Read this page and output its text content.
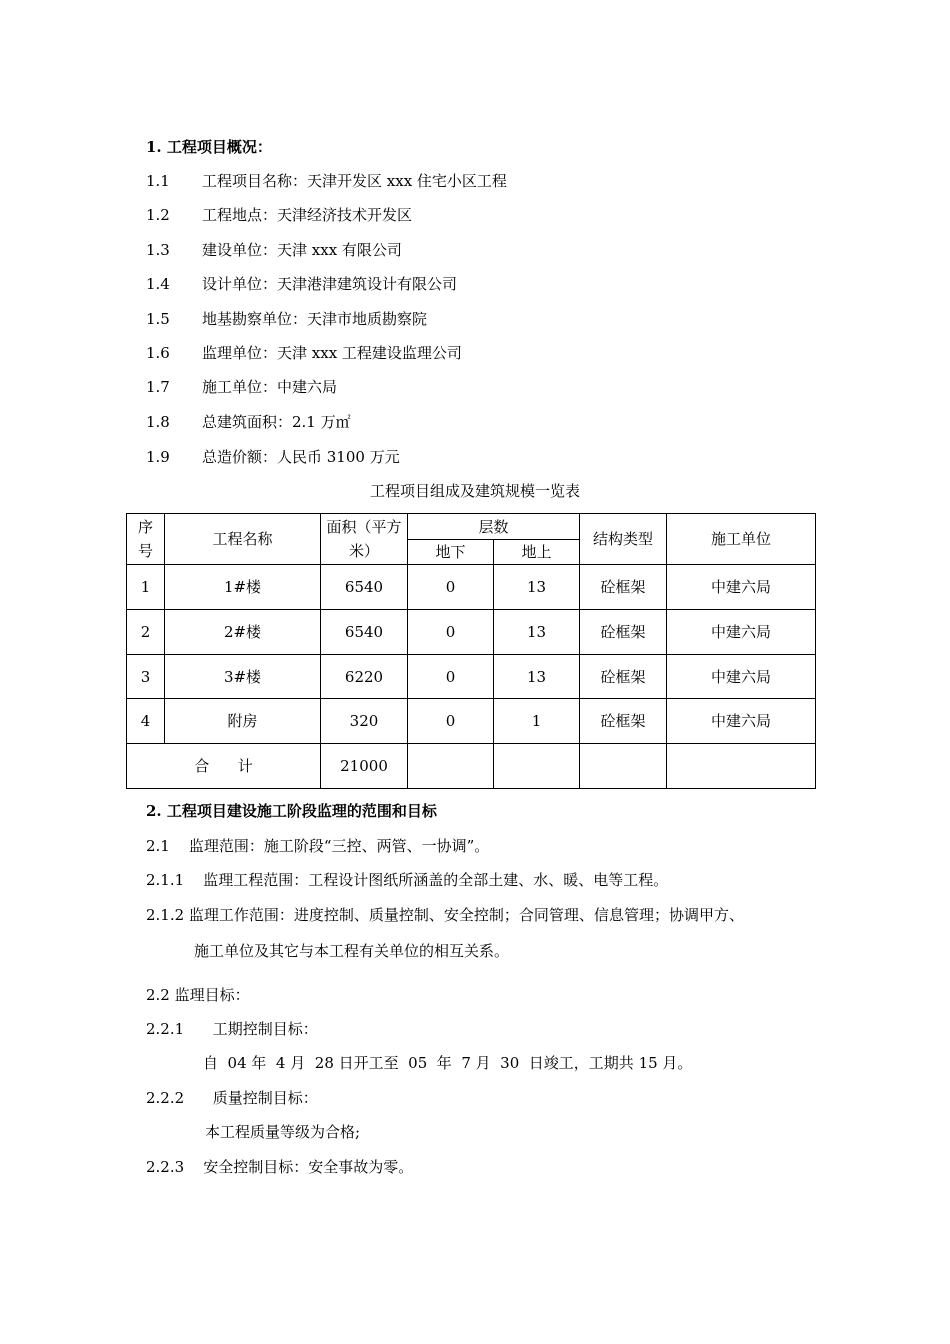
1. 工程项目概况：
1.1 工程项目名称：天津开发区 xxx 住宅小区工程
1.2 工程地点：天津经济技术开发区
1.3 建设单位：天津 xxx 有限公司
1.4 设计单位：天津港津建筑设计有限公司
1.5 地基勘察单位：天津市地质勘察院
1.6 监理单位：天津 xxx 工程建设监理公司
1.7 施工单位：中建六局
1.8 总建筑面积：2.1 万㎡
1.9 总造价额：人民币 3100 万元
工程项目组成及建筑规模一览表
序号	工程名称	面积（平方米）	层数		结构类型	施工单位
			地下	地上		
1	1#楼	6540	0	13	砼框架	中建六局
2	2#楼	6540	0	13	砼框架	中建六局
3	3#楼	6220	0	13	砼框架	中建六局
4	附房	320	0	1	砼框架	中建六局
合      计		21000				
2. 工程项目建设施工阶段监理的范围和目标
2.1    监理范围：施工阶段“三控、两管、一协调”。
2.1.1    监理工程范围：工程设计图纸所涵盖的全部土建、水、暖、电等工程。
2.1.2 监理工作范围：进度控制、质量控制、安全控制；合同管理、信息管理；协调甲方、
施工单位及其它与本工程有关单位的相互关系。
2.2 监理目标：
2.2.1      工期控制目标：
自  04 年  4 月  28 日开工至  05  年  7 月  30  日竣工，工期共 15 月。
2.2.2      质量控制目标：
本工程质量等级为合格;
2.2.3    安全控制目标：安全事故为零。
